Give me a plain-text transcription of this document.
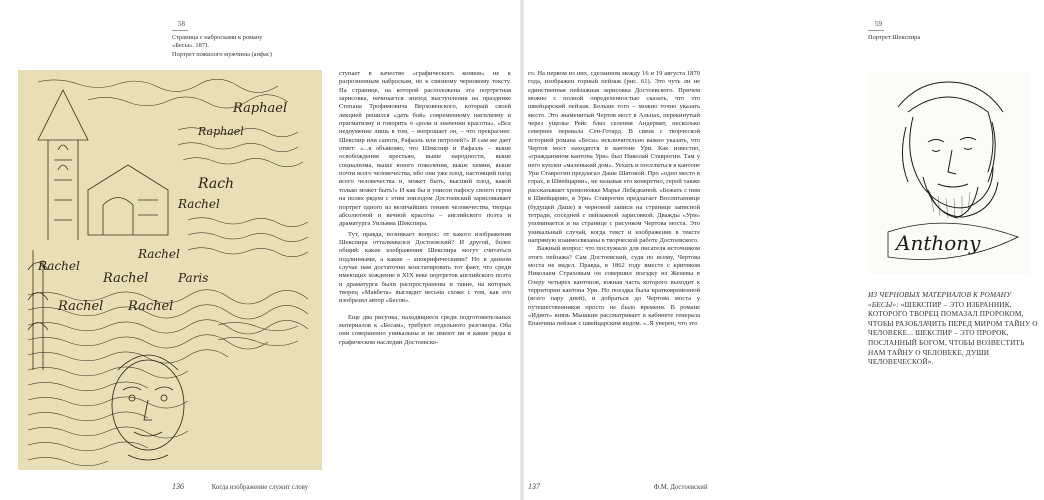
58
Страница с набросками к роману
«Бесы». 1871.
Портрет пожилого мужчины (анфас)
Raphael
Rach
Rachel
Rachel
Rachel Paris
Rachel
Rachel Rachel
Raphael

ступает в качестве «графического конвоя» не к разрозненным наброскам, но к связному черновому тексту. На странице, на которой расположена эта портретная зарисовка, начинается эпизод выступления на празднике Степана Трофимовича Верховенского, который своей лекцией решился «дать бой» современному нигилизму и прагматизму и говорить о «роли и значении красоты». «Все недоумение лишь в том, – вопрошает он, – что прекраснее: Шекспир или сапоги, Рафаэль или петролей?» И сам же дает ответ: «...я объявляю, что Шекспир и Рафаэль – выше освобождения крестьян, выше народности, выше социализма, выше юного поколения, выше химии, выше почти всего человечества, ибо они уже плод, настоящий плод всего человечества и, может быть, высший плод, какой только может быть!» И как бы в унисон пафосу своего героя на полях рядом с этим эпизодом Достоевский зарисовывает портрет одного из величайших гениев человечества, творца абсолютной и вечной красоты – английского поэта и драматурга Уильяма Шекспира.

Тут, правда, возникает вопрос: от какого изображения Шекспира отталкивался Достоевский? И другой, более общий: какие изображения Шекспира могут считаться подлинными, а какие – апокрифическими? Но в данном случае нам достаточно констатировать тот факт, что среди имеющих хождение в XIX веке портретов английского поэта и драматурга были распространены и такие, на которых творец «Макбета» выглядит весьма схоже с тем, как его изобразил автор «Бесов».

Еще два рисунка, находящиеся среди подготовительных материалов к «Бесам», требуют отдельного разговора. Оба они совершенно уникальны и не имеют ни в какие ряды в графическом наследии Достоевско-

136	Когда изображение служит слову
59
Портрет Шекспира

го. На первом из них, сделанном между 16 и 19 августа 1870 года, изображен горный пейзаж (рис. 61). Это чуть ли не единственная пейзажная зарисовка Достоевского. Причем можно с полной определенностью сказать, что это швейцарский пейзаж. Больше того – можно точно указать место. Это знаменитый Чертов мост в Альпах, перекинутый через ущелье Рейс близ селения Андермат, несколько севернее перевала Сен-Готард. В связи с творческой историей романа «Бесы» исключительно важно указать, что Чертов мост находится в кантоне Ури. Как известно, «гражданином кантона Ури» был Николай Ставрогин. Там у него куплен «маленький дом». Уехать и поселиться в кантоне Ури Ставрогин предлагал Даше Шатовой. Про «одно место в горах, в Швейцарии», не называя его конкретно, герой также рассказывает хромоножке Марье Лебядкиной. «Бежать с ним в Швейцарию, в Ури» Ставрогин предлагает Воспитаннице (будущей Даше) в черновой записи на странице записной тетради, соседней с пейзажной зарисовкой. Дважды «Ури» упоминается и на странице с рисунком Чертова моста. Это уникальный случай, когда текст и изображение в тексте напрямую взаимосвязаны в творческой работе Достоевского.

Важный вопрос: что послужило для писателя источником этого пейзажа? Сам Достоевский, судя по всему, Чертова моста не видел. Правда, в 1862 году вместе с критиком Николаем Страховым он совершил поездку из Женевы в Озеру четырех кантонов, южная часть которого выходит к территории кантона Ури. Но поездка была кратковременной (всего пару дней), и добраться до Чертова моста у путешественников просто не было времени. В романе «Идиот» князь Мышкин рассматривает в кабинете генерала Епанчина пейзаж с швейцарским видом. «..Я уверен, что это

Anthony
ИЗ ЧЕРНОВЫХ МАТЕРИАЛОВ К РОМАНУ «БЕСЫ»: «ШЕКСПИР – ЭТО ИЗБРАННИК, КОТОРОГО ТВОРЕЦ ПОМАЗАЛ ПРОРОКОМ, ЧТОБЫ РАЗОБЛАЧИТЬ ПЕРЕД МИРОМ ТАЙНУ О ЧЕЛОВЕКЕ... ШЕКСПИР – ЭТО ПРОРОК, ПОСЛАННЫЙ БОГОМ, ЧТОБЫ ВОЗВЕСТИТЬ НАМ ТАЙНУ О ЧЕЛОВЕКЕ, ДУШИ ЧЕЛОВЕЧЕСКОЙ».
137	Ф.М. Достоевский
